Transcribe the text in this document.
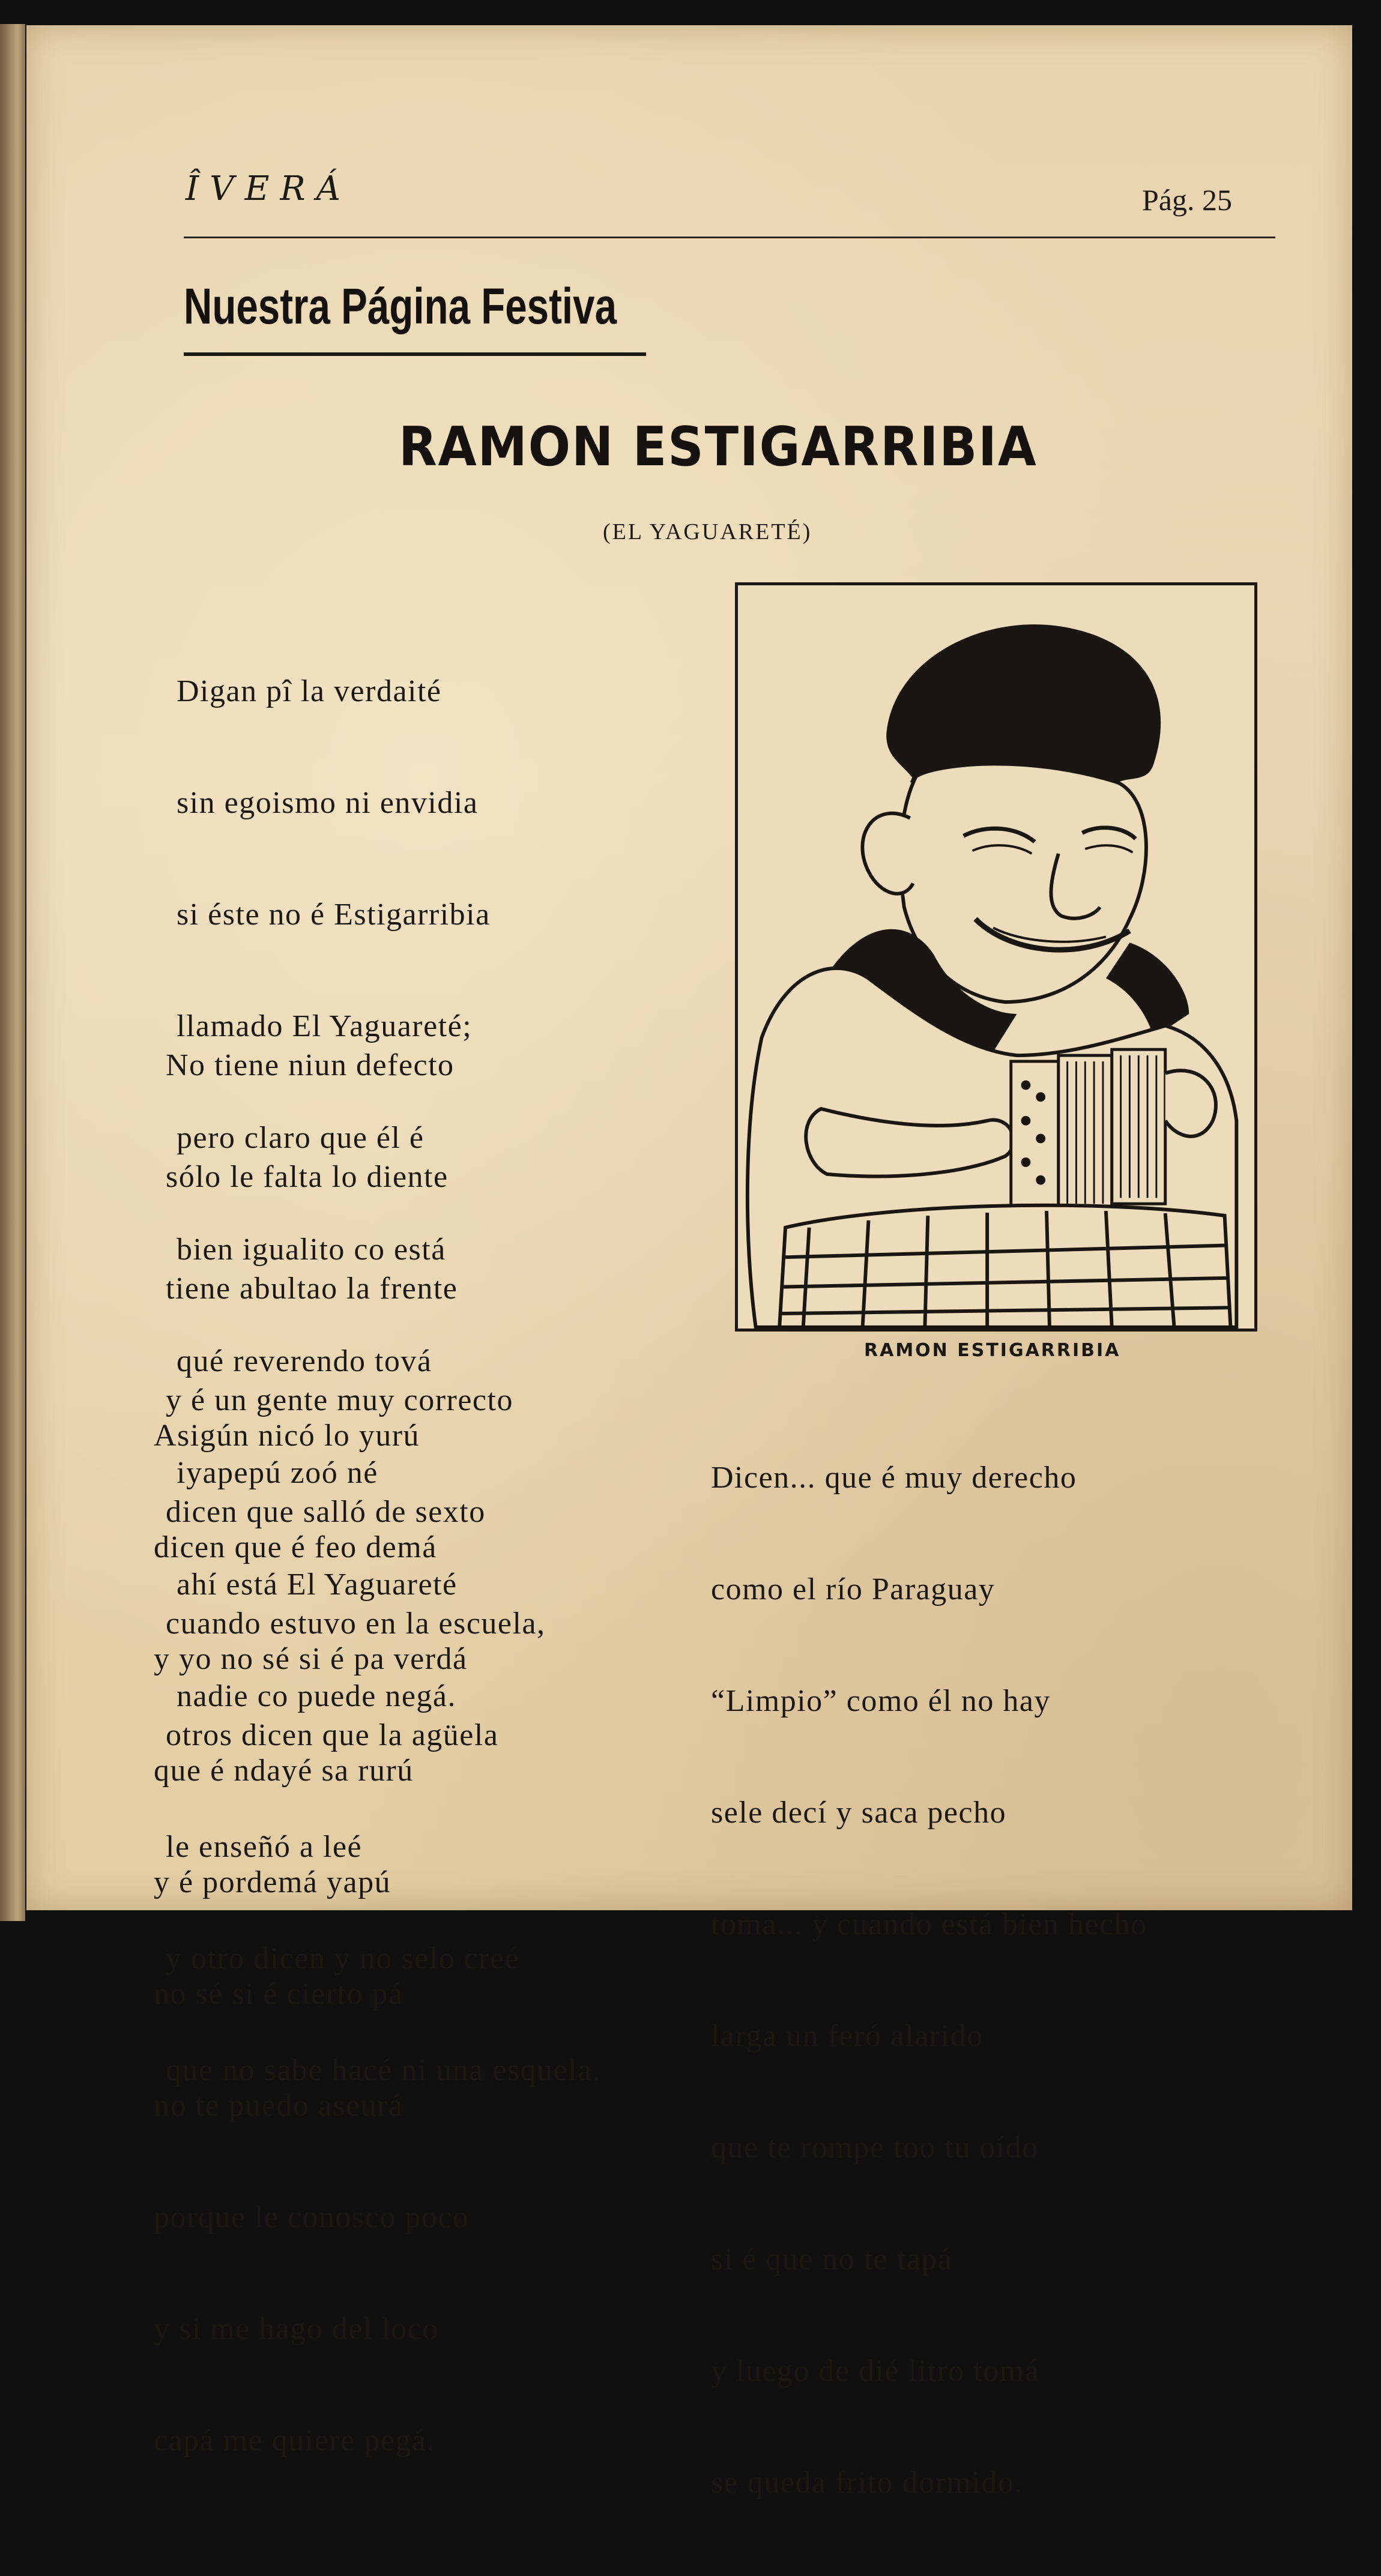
ÎVERÁ	Pág. 25
Nuestra Página Festiva
RAMON ESTIGARRIBIA
(EL YAGUARETÉ)

Digan pî la verdaité

sin egoismo ni envidia

si éste no é Estigarribia

llamado El Yaguareté;

pero claro que él é

bien igualito co está

qué reverendo tová

iyapepú zoó né

ahí está El Yaguareté

nadie co puede negá.

No tiene niun defecto

sólo le falta lo diente

tiene abultao la frente

y é un gente muy correcto

dicen que salló de sexto

cuando estuvo en la escuela,

otros dicen que la agüela

le enseñó a leé

y otro dicen y no selo creé

que no sabe hacé ni una esquela.

Asigún nicó lo yurú

dicen que é feo demá

y yo no sé si é pa verdá

que é ndayé sa rurú

y é pordemá yapú

no sé si é cierto pá

no te puedo aseurá

porque le conosco poco

y si me hago del loco

capá me quiere pegá.

Dicen... que é muy derecho

como el río Paraguay

“Limpio” como él no hay

sele decí y saca pecho

toma... y cuando está bien hecho

larga un feró alarido

que te rompe too tu oído

si é que no te tapá

y luego de dié litro tomá

se queda frito dormido.

RAMON ESTIGARRIBIA
